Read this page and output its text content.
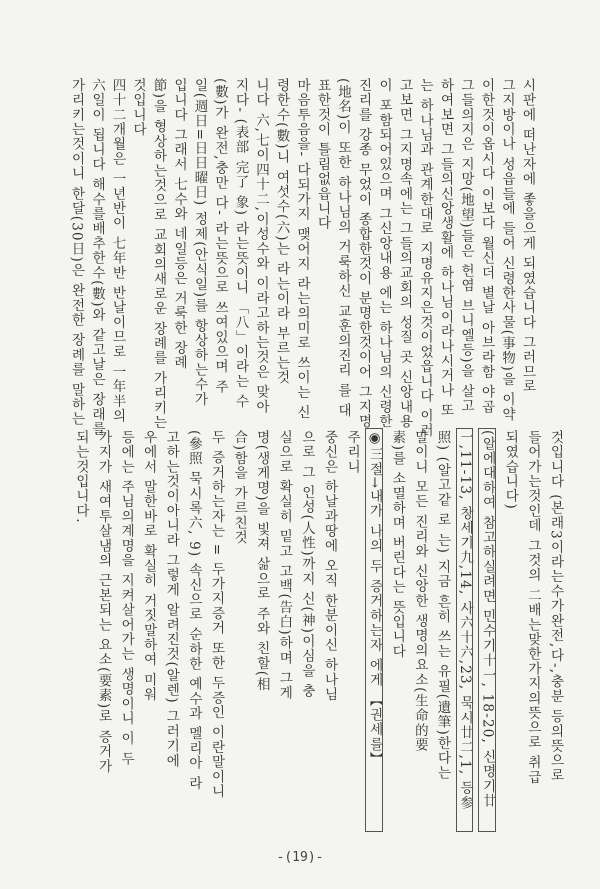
시판에 떠난자에 좋을으게 되였습니다 그러므로
그지방이나 성읍들에 들어 신령한사물(事物)을 이약
이한것이옵시다 이보다 월신더 별날 아브라함 야곱
그들의지은 지망(地望)들은 헌염 브니엘등)을 살고
하여보면 그들의신앙생활에 하나님이라나시거나 또
는 하나님과 관계한대로 지명유지은것이었읍니다 이러
고보면 그지명속에는 그들의교회의 성질 곳 신앙내용
이 포함되어있으며 그신앙내용 에는 하나님의 신령한
진리를 강종 무었이 종합한것이 분명한것이어 그지명
(地名)이 또한 하나님의 거룩하신 교훈의진리 를 대
표한것이 틀림없읍니다
마음투음을- 다되가지 맺어지 라는의미로 쓰이는 신
령한수(數)니 여섯수(六)는 라는이라 부르는것
니다 六,七이四十二,이성수와 이라고하는것은 맞아
지다- (表部 完了 象) 라는뜻이니 「八」이라는 수
(數)가 완전,충만 다- 라는뜻으로 쓰여있으며 주
일(週日=日日曜日) 정제(안식일)를 항상하는수가
입니다 그래서 七수와 네일등은 거룩한 장례
節)을 형상하는것으로 교회의새로운 장례를 가리키는
것입니다
四十二개월은 一년반이 七年반 반날이므로 一年半의
六일이 됩니다 해수를배추한수(數)와 같고날은 장래를
가리키는것이니 한달(30日)은 완전한 장례를 말하는
것입니다 (본래3이라는수가완전,다-,충분 등의뜻으로
들어가는것인데 그것의 二배는맞한가지의뜻으로 취급
되였습니다)
(알에대하여 참고하실려면 민수기十一, 18-20, 신명기廿
一,11-13, 창세기九,14, 사六十六,23, 묵시廿二,1, 등参
照) (알고같 로 는) 지금 흔히 쓰는 유필(遺筆)한다는
말이니 모든 진리와 신앙한 생명의요소(生命的要
素)를 소멸하며 버린다는 뜻입니다
◉三절→내가 나의 두 증거하는자 에게 【권세를】
주리니
중신은 하날과땅에 오직 한분이신 하나님
으로 그 인성(人性)까지 신(神)이심을 충
실으로 확실히 밑고 고백(告白)하며 그게
명(생게명)을 빛져 삶으로 주와 친할(相
合)함을 가르친것
두 증거하는자는 = 두가지증거 또한 두증인 이란말이니
(參照 묵시록六, 9) 속신으로 순하한 예수과 멜리아 라
고하는것이아니라 그렇게 알려진것(알렌) 그러기에
우에서 말한바로 확실히 거짓말하여 미워
등에는 주님의계명을 지켜살어가는 생명이니 이 두
가지가 새여투살냄의 근본되는 요소(要素)로 증거가
되는것입니다.
-(19)-
